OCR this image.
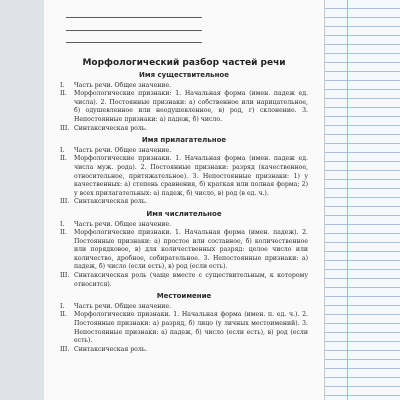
Морфологический разбор частей речи
Имя существительное
I.	Часть речи. Общее значение.
II.	Морфологические признаки: 1. Начальная форма (имен. падеж ед. числа). 2. Постоянные признаки: а) собственное или нарицательное, б) одушевленное или неодушевленное, в) род, г) склонение. 3. Непостоянные признаки: а) падеж, б) число.
III. Синтаксическая роль.
Имя прилагательное
I.	Часть речи. Общее значение.
II.	Морфологические признаки. 1. Начальная форма (имен. падеж ед. числа муж. рода). 2. Постоянные признаки: разряд (качественное, относительное, притяжательное). 3. Непостоянные признаки: 1) у качественных: а) степень сравнения, б) краткая или полная форма; 2) у всех прилагательных: а) падеж, б) число, в) род (в ед. ч.).
III. Синтаксическая роль.
Имя числительное
I.	Часть речи. Общее значение.
II.	Морфологические признаки. 1. Начальная форма (имен. падеж). 2. Постоянные признаки: а) простое или составное, б) количественное или порядковое, в) для количественных разряд: целое число или количество, дробное, собирательное. 3. Непостоянные признаки: а) падеж, б) число (если есть), в) род (если есть).
III. Синтаксическая роль (чаще вместе с существительным, к которому относится).
Местоимение
I.	Часть речи. Общее значение.
II.	Морфологические признаки. 1. Начальная форма (имен. п. ед. ч.). 2. Постоянные признаки: а) разряд, б) лицо (у личных местоимений). 3. Непостоянные признаки: а) падеж, б) число (если есть), в) род (если есть).
III. Синтаксическая роль.
